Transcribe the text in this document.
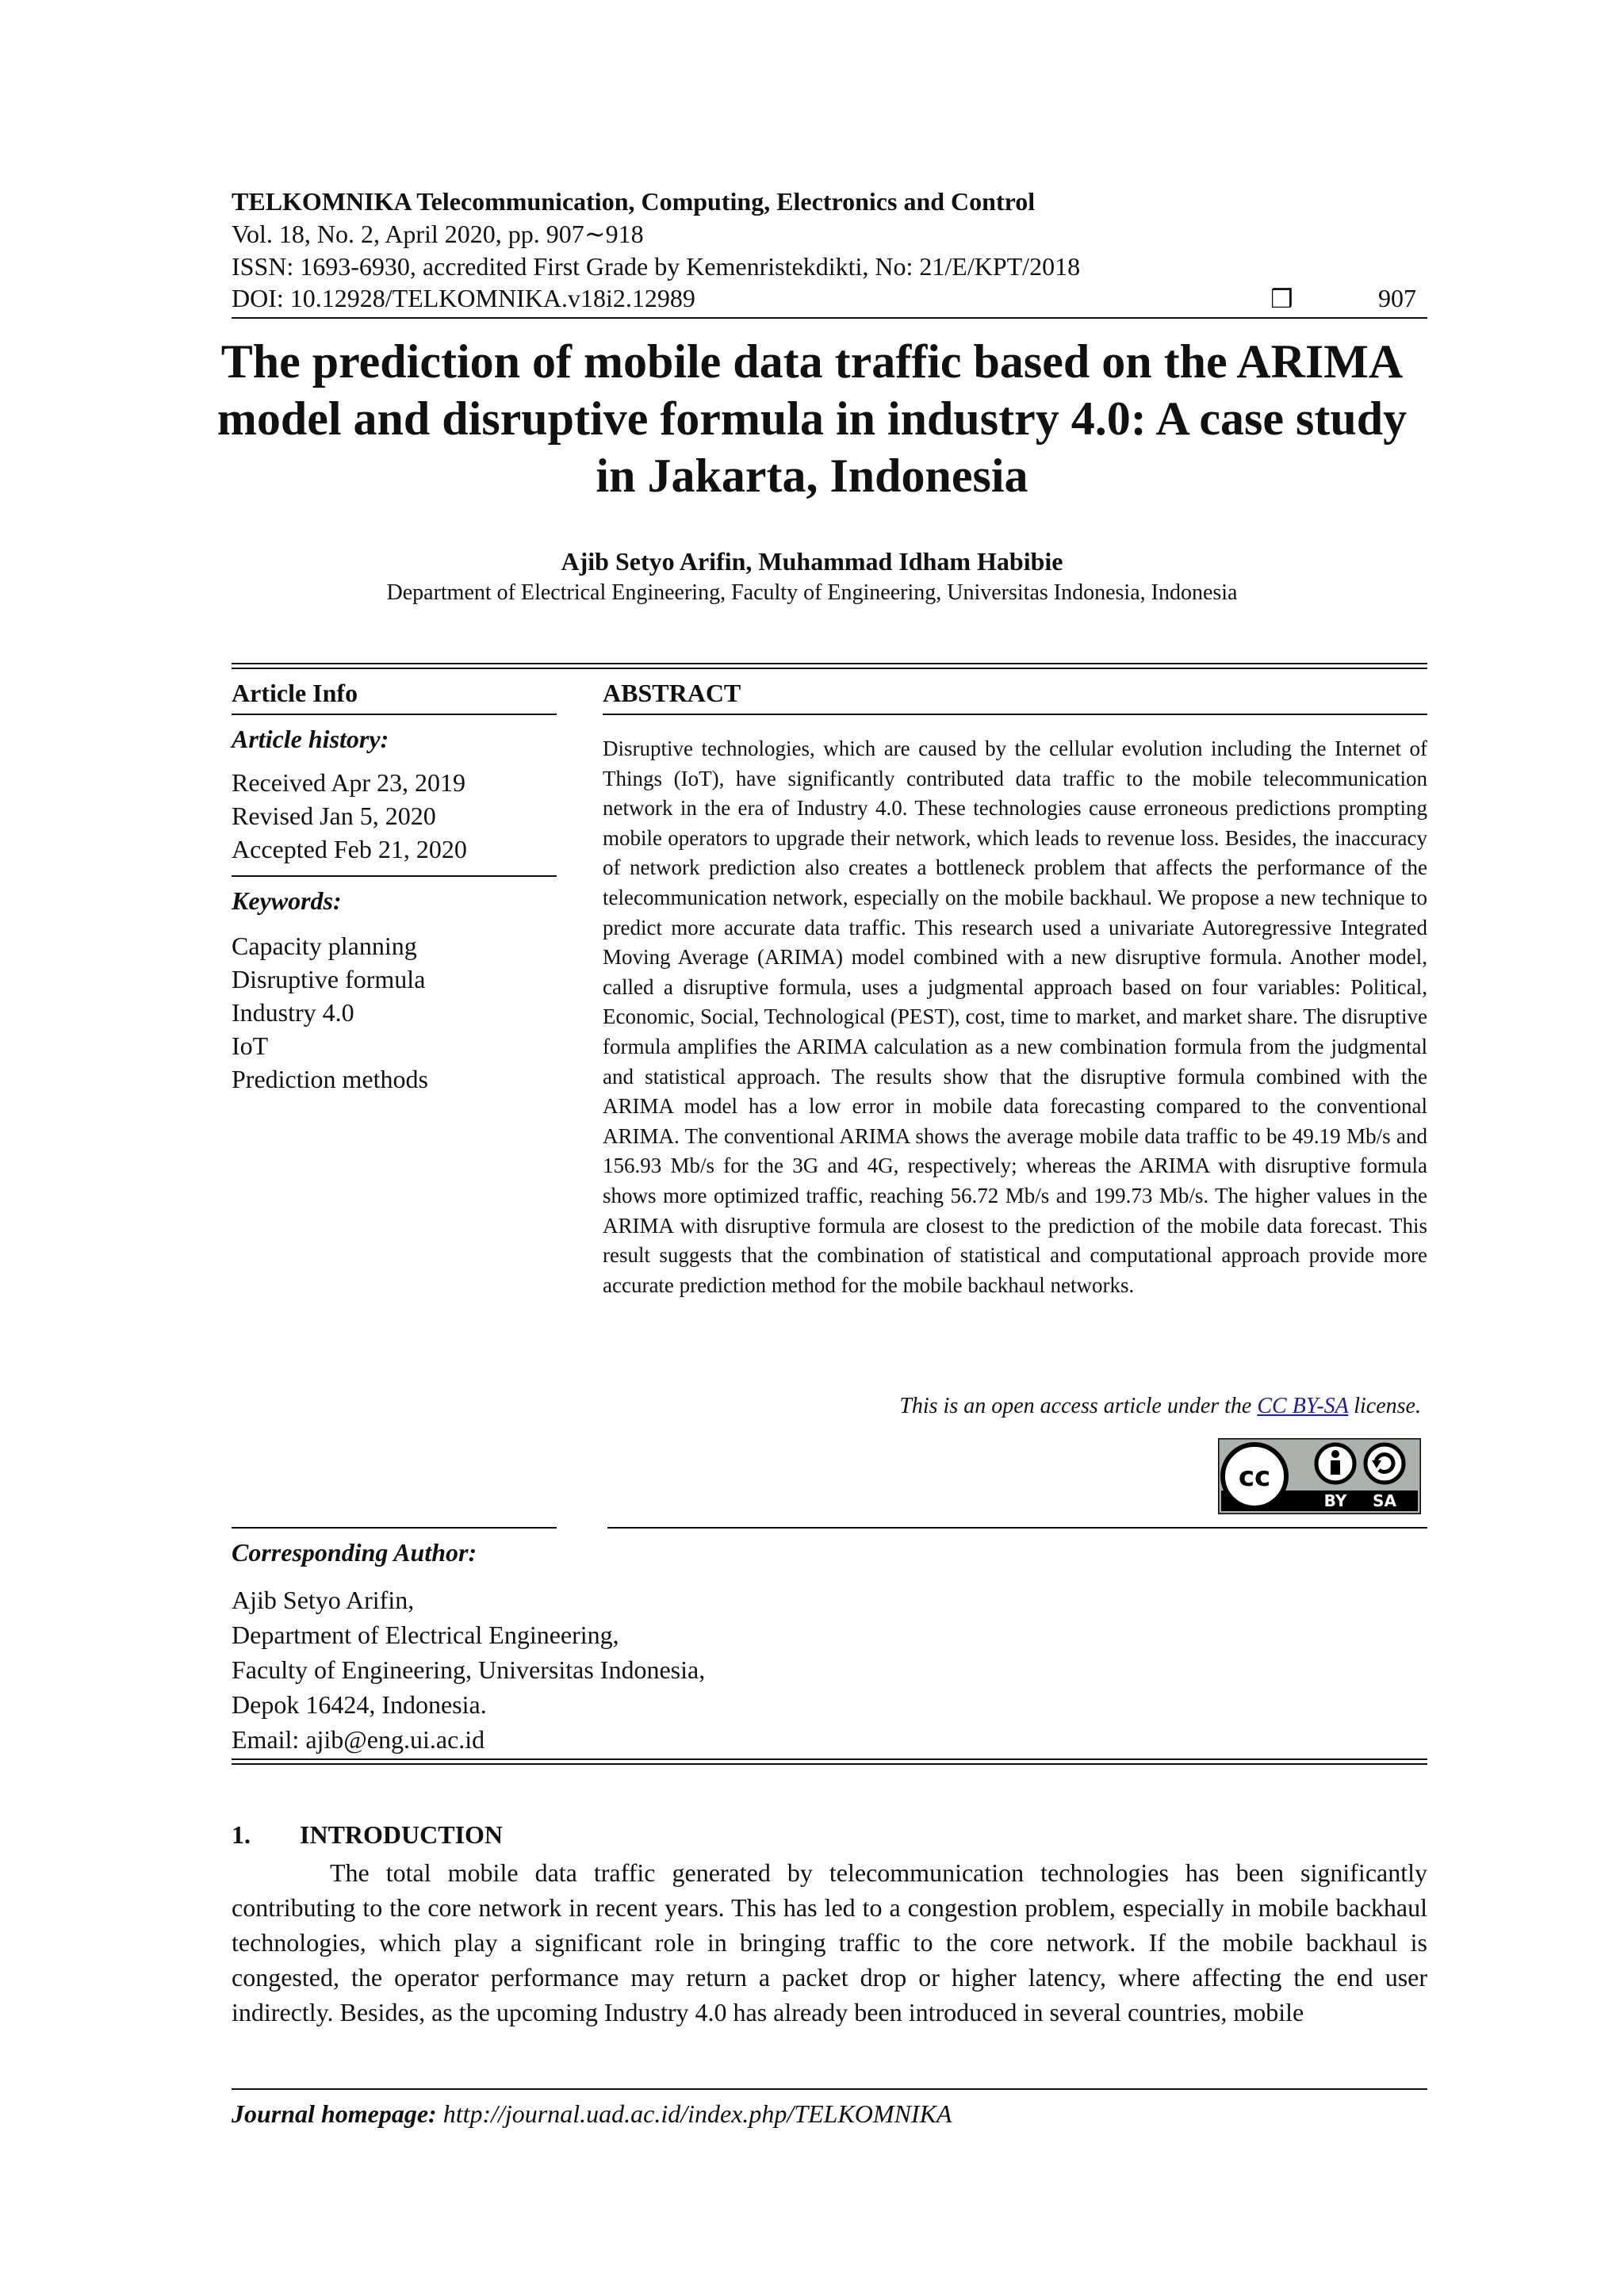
TELKOMNIKA Telecommunication, Computing, Electronics and Control
Vol. 18, No. 2, April 2020, pp. 907∼918
ISSN: 1693-6930, accredited First Grade by Kemenristekdikti, No: 21/E/KPT/2018
DOI: 10.12928/TELKOMNIKA.v18i2.12989	❒	907
The prediction of mobile data traffic based on the ARIMA
model and disruptive formula in industry 4.0: A case study
in Jakarta, Indonesia
Ajib Setyo Arifin, Muhammad Idham Habibie
Department of Electrical Engineering, Faculty of Engineering, Universitas Indonesia, Indonesia
Article Info
Article history:
Received Apr 23, 2019
Revised Jan 5, 2020
Accepted Feb 21, 2020
Keywords:
Capacity planning
Disruptive formula
Industry 4.0
IoT
Prediction methods
ABSTRACT
Disruptive technologies, which are caused by the cellular evolution including the Internet of Things (IoT), have significantly contributed data traffic to the mobile telecommunication network in the era of Industry 4.0. These technologies cause erroneous predictions prompting mobile operators to upgrade their network, which leads to revenue loss. Besides, the inaccuracy of network prediction also creates a bottleneck problem that affects the performance of the telecommunication network, especially on the mobile backhaul. We propose a new technique to predict more accurate data traffic. This research used a univariate Autoregressive Integrated Moving Average (ARIMA) model combined with a new disruptive formula. Another model, called a disruptive formula, uses a judgmental approach based on four variables: Political, Economic, Social, Technological (PEST), cost, time to market, and market share. The disruptive formula amplifies the ARIMA calculation as a new combination formula from the judgmental and statistical approach. The results show that the disruptive formula combined with the ARIMA model has a low error in mobile data forecasting compared to the conventional ARIMA. The conventional ARIMA shows the average mobile data traffic to be 49.19 Mb/s and 156.93 Mb/s for the 3G and 4G, respectively; whereas the ARIMA with disruptive formula shows more optimized traffic, reaching 56.72 Mb/s and 199.73 Mb/s. The higher values in the ARIMA with disruptive formula are closest to the prediction of the mobile data forecast. This result suggests that the combination of statistical and computational approach provide more accurate prediction method for the mobile backhaul networks.
This is an open access article under the CC BY-SA license.
cc
BY SA
Corresponding Author:
Ajib Setyo Arifin,
Department of Electrical Engineering,
Faculty of Engineering, Universitas Indonesia,
Depok 16424, Indonesia.
Email: ajib@eng.ui.ac.id
1. INTRODUCTION
The total mobile data traffic generated by telecommunication technologies has been significantly contributing to the core network in recent years. This has led to a congestion problem, especially in mobile backhaul technologies, which play a significant role in bringing traffic to the core network. If the mobile backhaul is congested, the operator performance may return a packet drop or higher latency, where affecting the end user indirectly. Besides, as the upcoming Industry 4.0 has already been introduced in several countries, mobile
Journal homepage: http://journal.uad.ac.id/index.php/TELKOMNIKA
